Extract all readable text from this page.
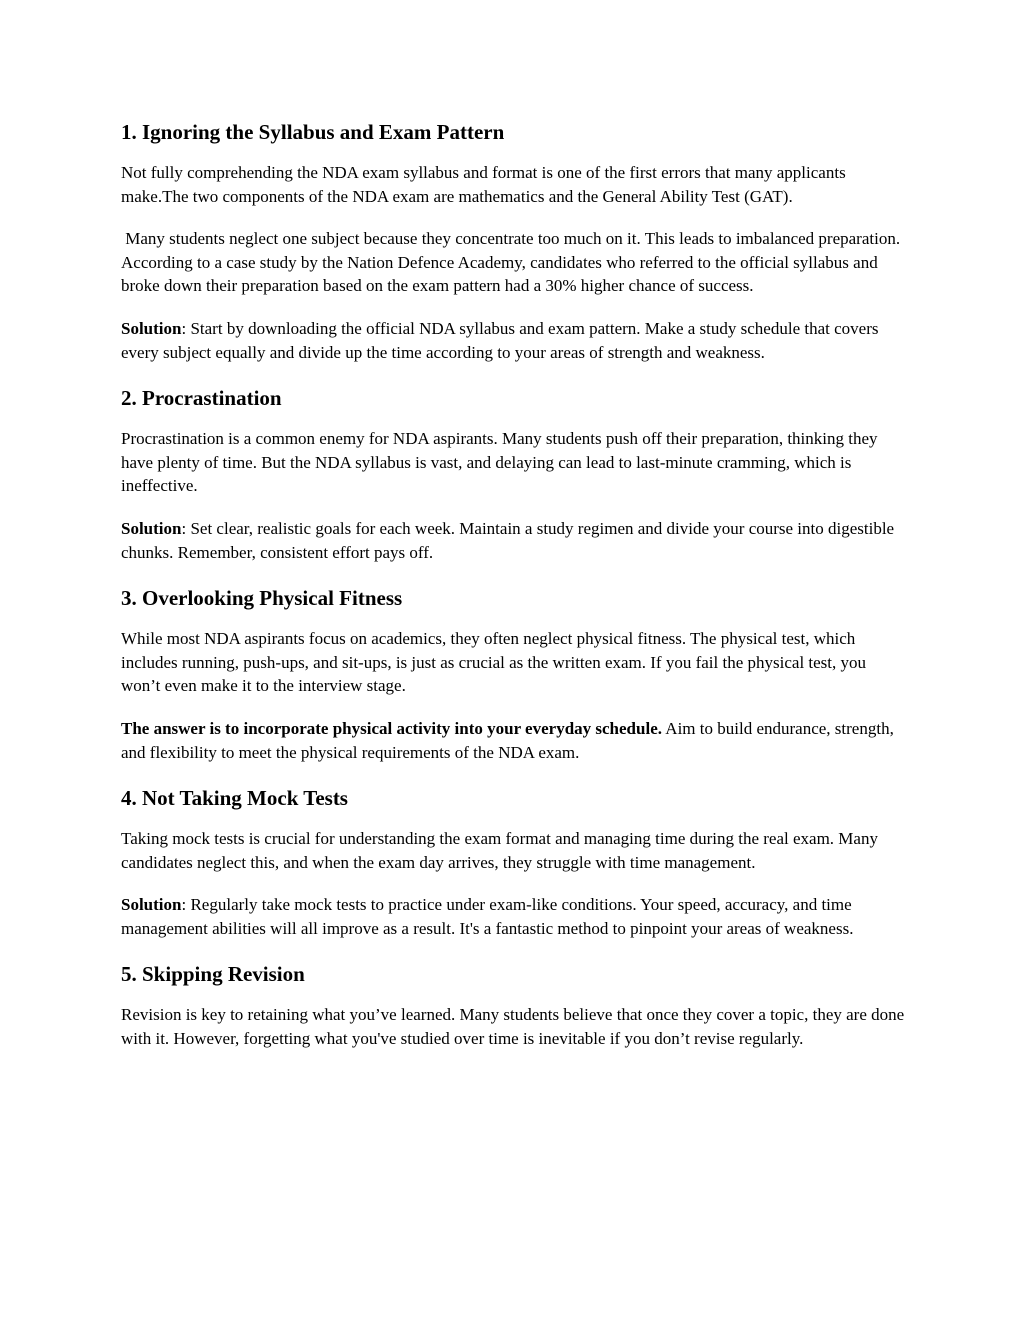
1. Ignoring the Syllabus and Exam Pattern

Not fully comprehending the NDA exam syllabus and format is one of the first errors that many applicants make.The two components of the NDA exam are mathematics and the General Ability Test (GAT).

Many students neglect one subject because they concentrate too much on it. This leads to imbalanced preparation. According to a case study by the Nation Defence Academy, candidates who referred to the official syllabus and broke down their preparation based on the exam pattern had a 30% higher chance of success.

Solution: Start by downloading the official NDA syllabus and exam pattern. Make a study schedule that covers every subject equally and divide up the time according to your areas of strength and weakness.

2. Procrastination

Procrastination is a common enemy for NDA aspirants. Many students push off their preparation, thinking they have plenty of time. But the NDA syllabus is vast, and delaying can lead to last-minute cramming, which is ineffective.

Solution: Set clear, realistic goals for each week. Maintain a study regimen and divide your course into digestible chunks. Remember, consistent effort pays off.

3. Overlooking Physical Fitness

While most NDA aspirants focus on academics, they often neglect physical fitness. The physical test, which includes running, push-ups, and sit-ups, is just as crucial as the written exam. If you fail the physical test, you won’t even make it to the interview stage.

The answer is to incorporate physical activity into your everyday schedule. Aim to build endurance, strength, and flexibility to meet the physical requirements of the NDA exam.

4. Not Taking Mock Tests

Taking mock tests is crucial for understanding the exam format and managing time during the real exam. Many candidates neglect this, and when the exam day arrives, they struggle with time management.

Solution: Regularly take mock tests to practice under exam-like conditions. Your speed, accuracy, and time management abilities will all improve as a result. It's a fantastic method to pinpoint your areas of weakness.

5. Skipping Revision

Revision is key to retaining what you’ve learned. Many students believe that once they cover a topic, they are done with it. However, forgetting what you've studied over time is inevitable if you don’t revise regularly.
